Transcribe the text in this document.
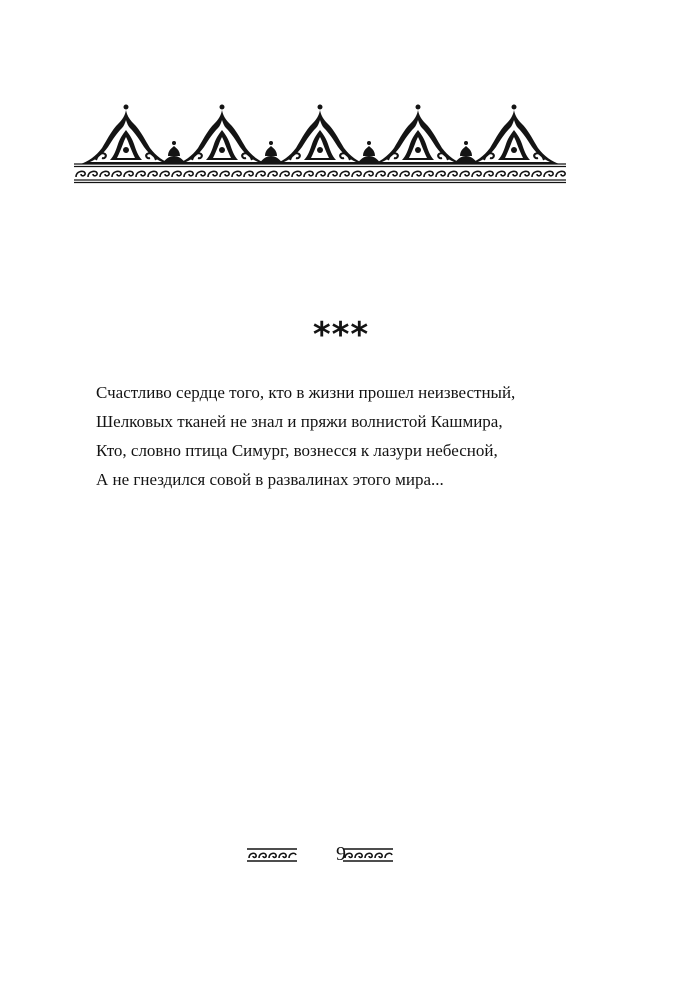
***
Счастливо сердце того, кто в жизни прошел неизвестный,
Шелковых тканей не знал и пряжи волнистой Кашмира,
Кто, словно птица Симург, вознесся к лазури небесной,
А не гнездился совой в развалинах этого мира...
9
